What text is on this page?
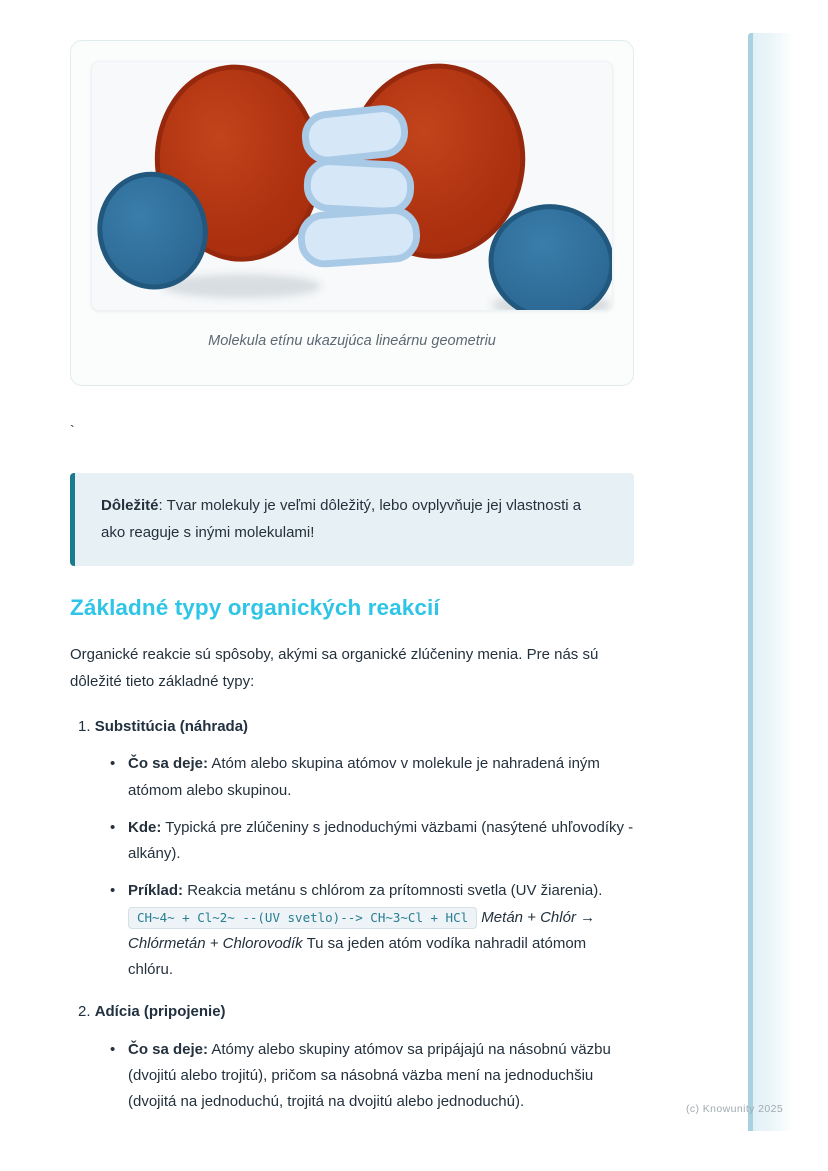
Molekula etínu ukazujúca lineárnu geometriu
`
Dôležité: Tvar molekuly je veľmi dôležitý, lebo ovplyvňuje jej vlastnosti a ako reaguje s inými molekulami!
Základné typy organických reakcií

Organické reakcie sú spôsoby, akými sa organické zlúčeniny menia. Pre nás sú dôležité tieto základné typy:

1. Substitúcia (náhrada)
• Čo sa deje: Atóm alebo skupina atómov v molekule je nahradená iným atómom alebo skupinou.
• Kde: Typická pre zlúčeniny s jednoduchými väzbami (nasýtené uhľovodíky - alkány).
• Príklad: Reakcia metánu s chlórom za prítomnosti svetla (UV žiarenia). CH~4~ + Cl~2~ --(UV svetlo)--> CH~3~Cl + HCl Metán + Chlór → Chlórmetán + Chlorovodík Tu sa jeden atóm vodíka nahradil atómom chlóru.
2. Adícia (pripojenie)
• Čo sa deje: Atómy alebo skupiny atómov sa pripájajú na násobnú väzbu (dvojitú alebo trojitú), pričom sa násobná väzba mení na jednoduchšiu (dvojitá na jednoduchú, trojitá na dvojitú alebo jednoduchú).	(c) Knowunity 2025
